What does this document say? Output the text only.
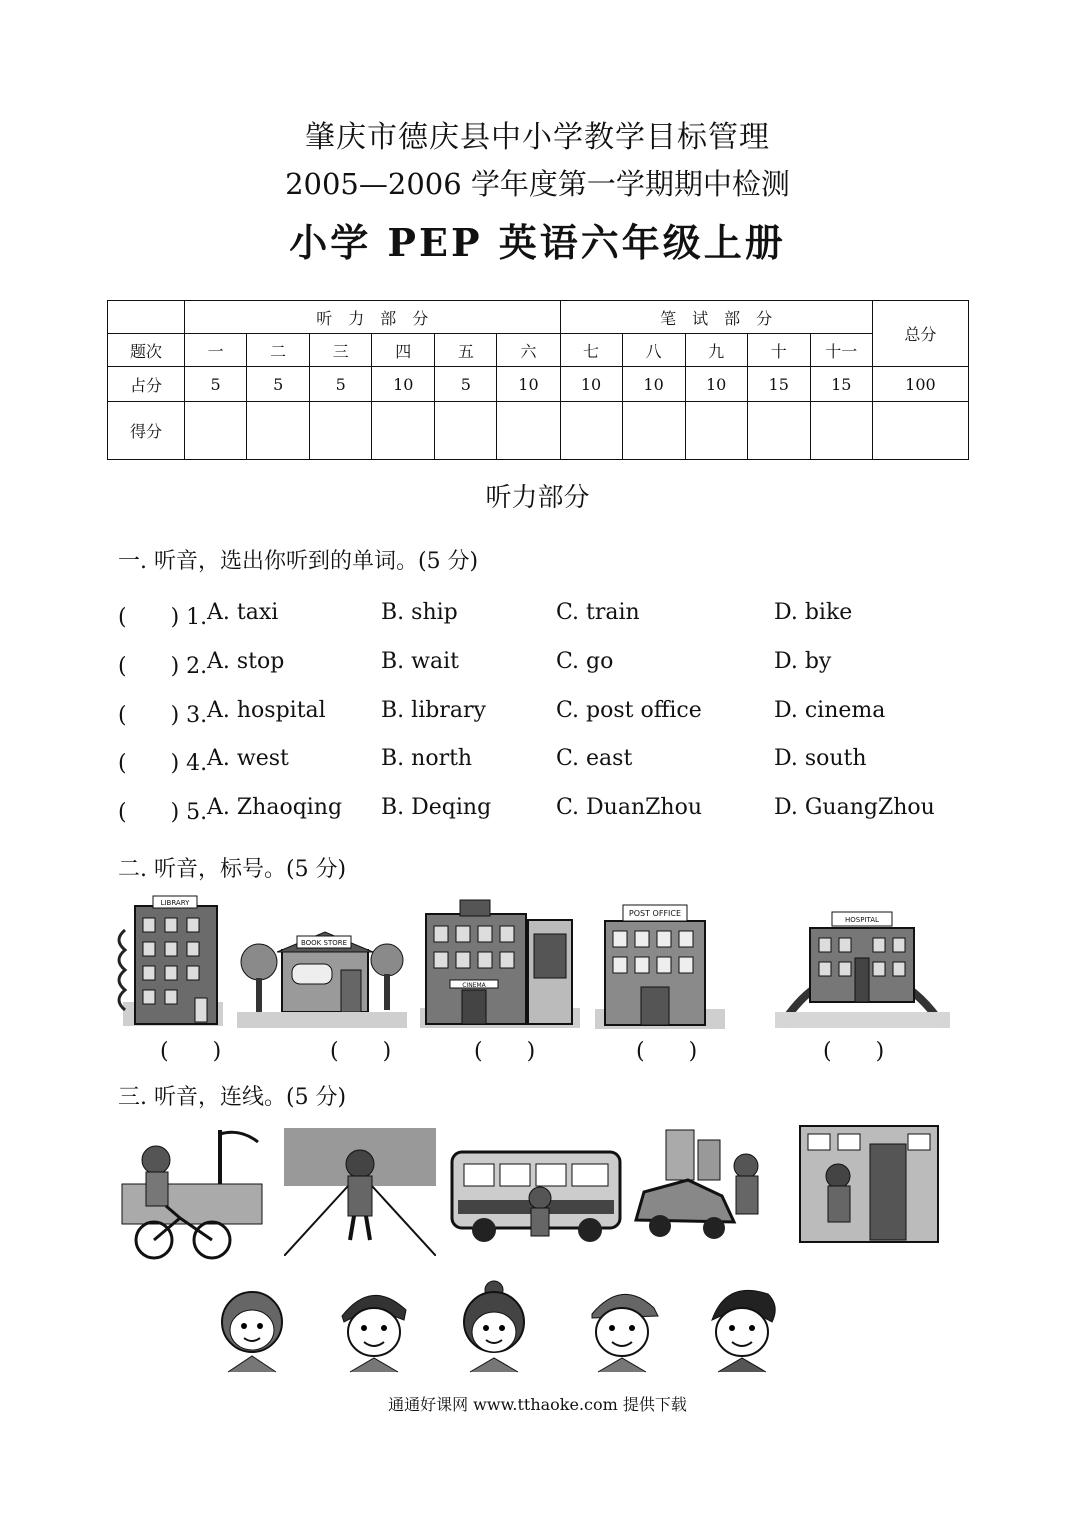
肇庆市德庆县中小学教学目标管理
2005—2006 学年度第一学期期中检测
小学 PEP 英语六年级上册
	听　力　部　分						笔　试　部　分					总分
题次	一	二	三	四	五	六	七	八	九	十	十一	
占分	5	5	5	10	5	10	10	10	10	15	15	100
得分												
听力部分
一. 听音，选出你听到的单词。(5 分)
(　　) 1. A. taxi	B. ship	C. train	D. bike
(　　) 2. A. stop	B. wait	C. go	D. by
(　　) 3. A. hospital	B. library	C. post office	D. cinema
(　　) 4. A. west	B. north	C. east	D. south
(　　) 5. A. Zhaoqing B. Deqing	C. DuanZhou	D. GuangZhou
二. 听音，标号。(5 分)
LIBRARY
BOOK STORE
CINEMA
POST OFFICE
HOSPITAL
(　　)	(　　)	(　　)	(　　)	(　　)
三. 听音，连线。(5 分)
通通好课网 www.tthaoke.com 提供下载
